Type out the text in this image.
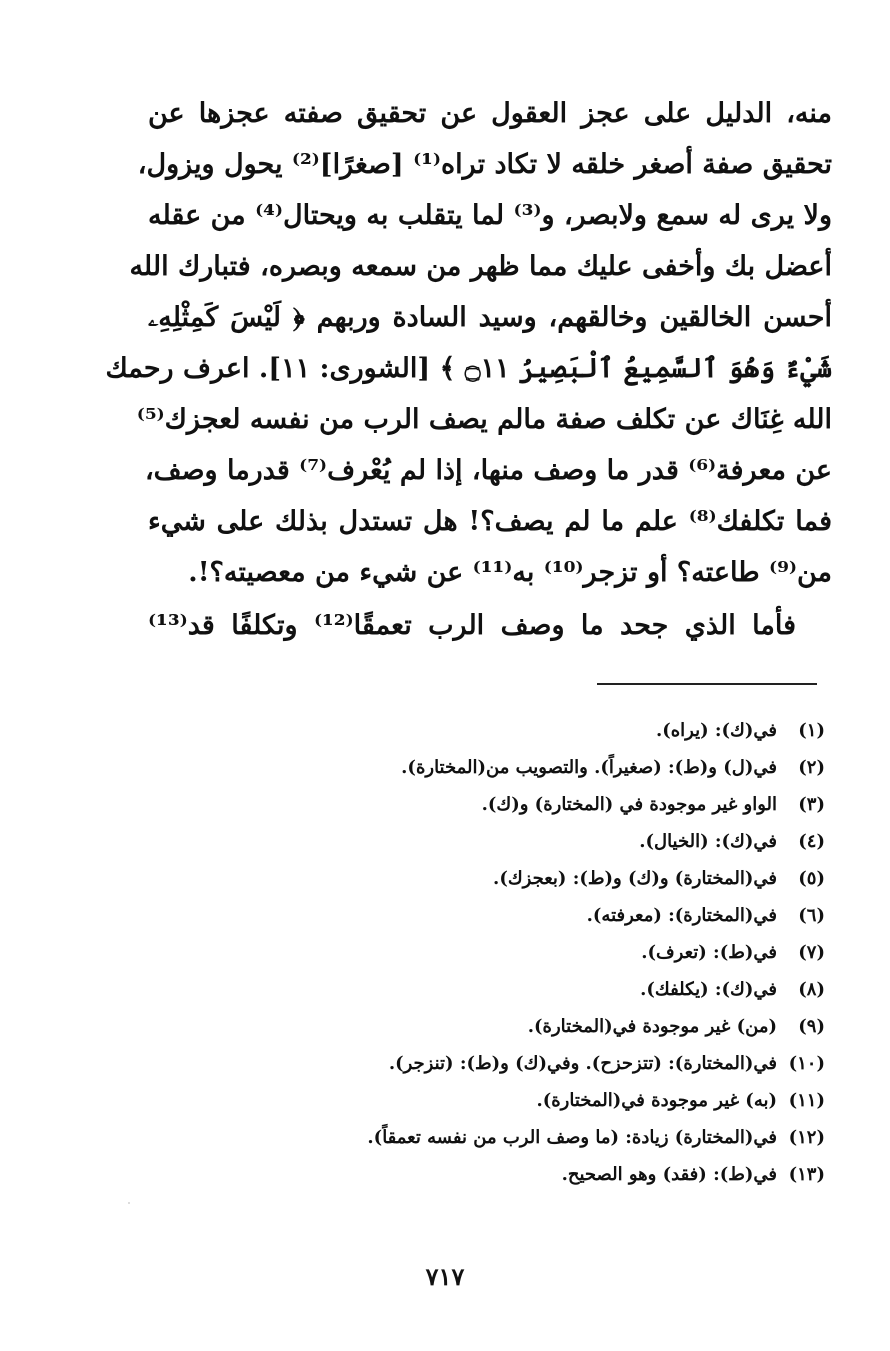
منه، الدليل على عجز العقول عن تحقيق صفته عجزها عن
تحقيق صفة أصغر خلقه لا تكاد تراه⁽¹⁾ [صغرًا]⁽²⁾ يحول ويزول،
ولا يرى له سمع ولابصر، و⁽³⁾ لما يتقلب به ويحتال⁽⁴⁾ من عقله
أعضل بك وأخفى عليك مما ظهر من سمعه وبصره، فتبارك الله
أحسن الخالقين وخالقهم، وسيد السادة وربهم ﴿ لَيْسَ كَمِثْلِهِۦ
شَيْءٌ وَهُوَ ٱلسَّمِيعُ ٱلْبَصِيرُ ۝١١ ﴾ [الشورى: ١١]. اعرف رحمك
الله غِنَاك عن تكلف صفة مالم يصف الرب من نفسه لعجزك⁽⁵⁾
عن معرفة⁽⁶⁾ قدر ما وصف منها، إذا لم يُعْرف⁽⁷⁾ قدرما وصف،
فما تكلفك⁽⁸⁾ علم ما لم يصف؟! هل تستدل بذلك على شيء
من⁽⁹⁾ طاعته؟ أو تزجر⁽¹⁰⁾ به⁽¹¹⁾ عن شيء من معصيته؟!.
فأما الذي جحد ما وصف الرب تعمقًا⁽¹²⁾ وتكلفًا قد⁽¹³⁾
(١)
في(ك): (يراه).
(٢)
في(ل) و(ط): (صغيراً). والتصويب من(المختارة).
(٣)
الواو غير موجودة في (المختارة) و(ك).
(٤)
في(ك): (الخيال).
(٥)
في(المختارة) و(ك) و(ط): (بعجزك).
(٦)
في(المختارة): (معرفته).
(٧)
في(ط): (تعرف).
(٨)
في(ك): (يكلفك).
(٩)
(من) غير موجودة في(المختارة).
(١٠)
في(المختارة): (تتزحزح). وفي(ك) و(ط): (تنزجر).
(١١)
(به) غير موجودة في(المختارة).
(١٢)
في(المختارة) زيادة: (ما وصف الرب من نفسه تعمقاً).
(١٣)
في(ط): (فقد) وهو الصحيح.
٧١٧
